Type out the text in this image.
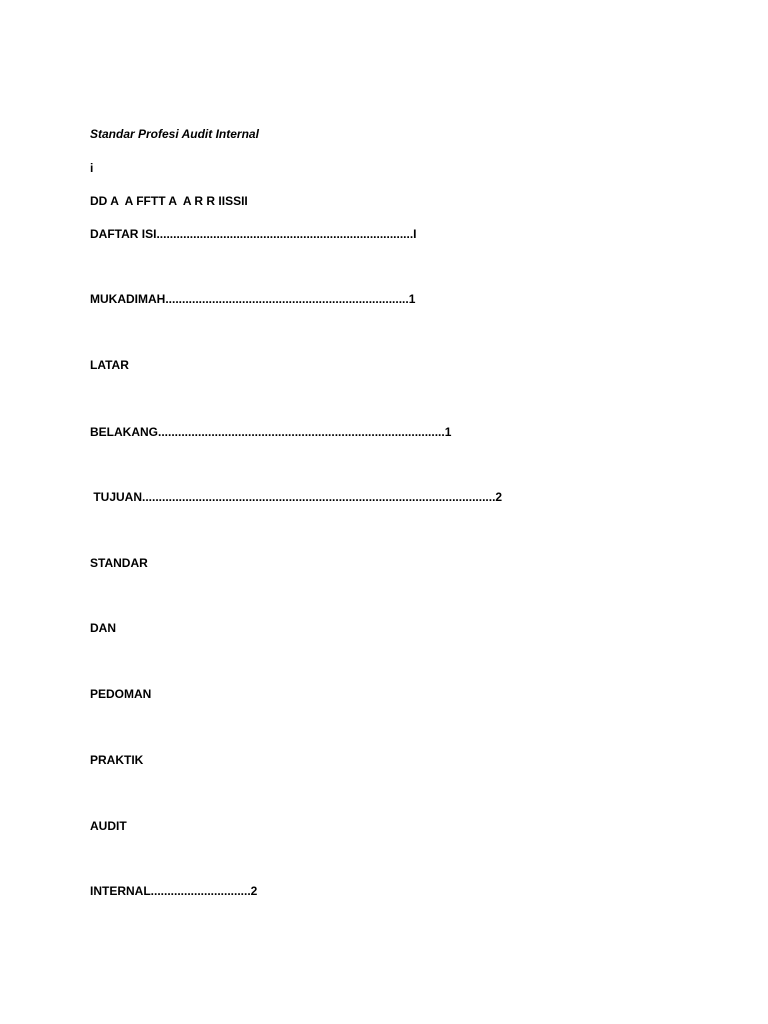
Standar Profesi Audit Internal
i
DD A  A FFTT A  A R R IISSII
DAFTAR ISI.............................................................................I
MUKADIMAH.........................................................................1
LATAR
BELAKANG......................................................................................1
TUJUAN..........................................................................................................2
STANDAR
DAN
PEDOMAN
PRAKTIK
AUDIT
INTERNAL..............................2
